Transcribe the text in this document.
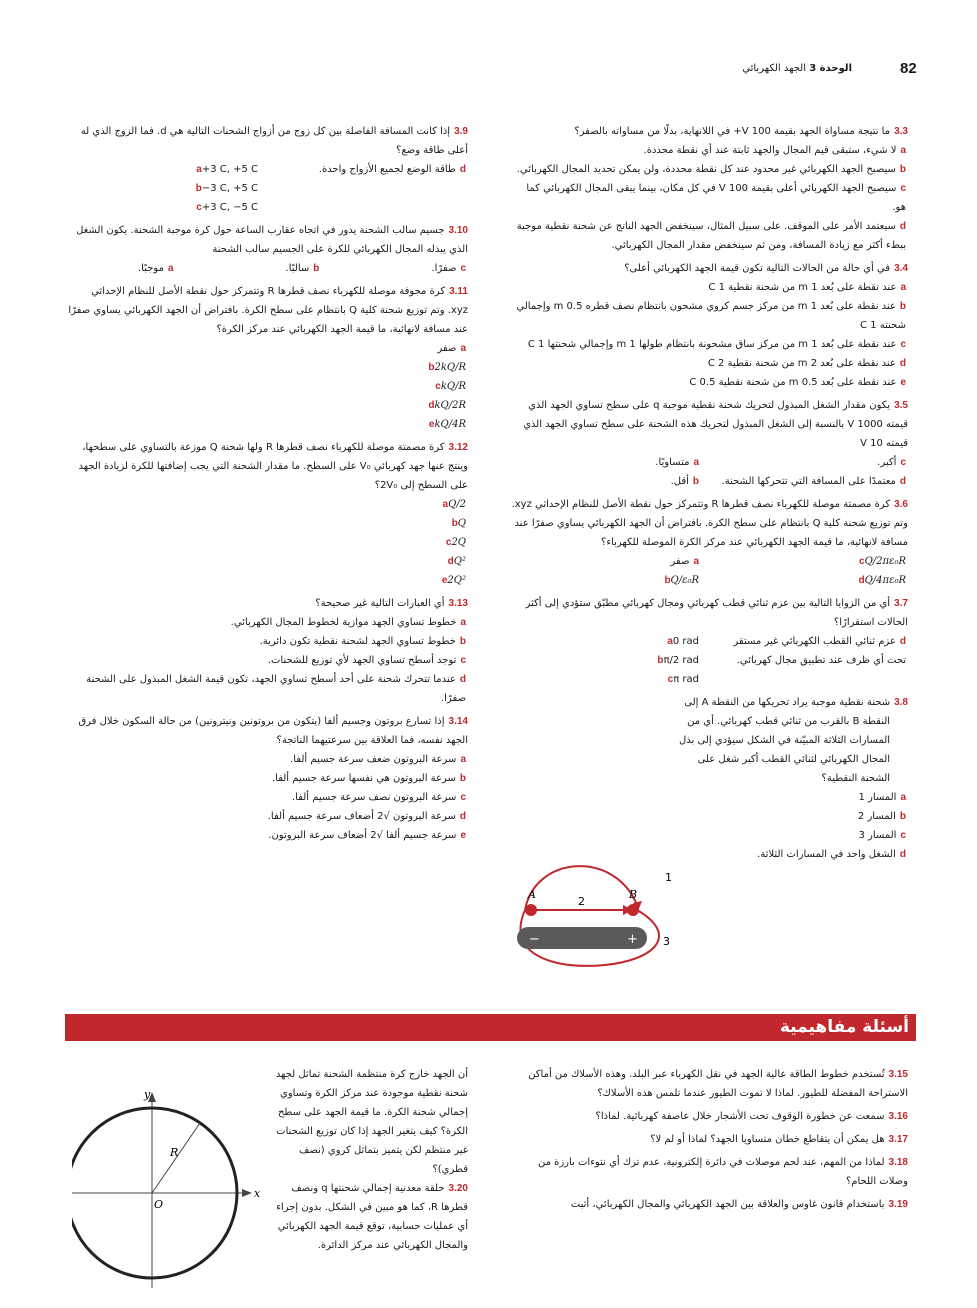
82
الوحدة 3 الجهد الكهربائي
3.3ما نتيجة مساواة الجهد بقيمة 100 V+ في اللانهاية، بدلًا من مساواته بالصفر؟
aلا شيء، ستبقى قيم المجال والجهد ثابتة عند أي نقطة محددة.
bسيصبح الجهد الكهربائي غير محدود عند كل نقطة محددة، ولن يمكن تحديد المجال الكهربائي.
cسيصبح الجهد الكهربائي أعلى بقيمة 100 V في كل مكان، بينما يبقى المجال الكهربائي كما هو.
dسيعتمد الأمر على الموقف. على سبيل المثال، سينخفض الجهد الناتج عن شحنة نقطية موجبة ببطء أكثر مع زيادة المسافة، ومن ثم سينخفض مقدار المجال الكهربائي.
3.4في أي حالة من الحالات التالية تكون قيمة الجهد الكهربائي أعلى؟
aعند نقطة على بُعد 1 m من شحنة نقطية 1 C
bعند نقطة على بُعد 1 m من مركز جسم كروي مشحون بانتظام نصف قطره 0.5 m وإجمالي شحنته 1 C
cعند نقطة على بُعد 1 m من مركز ساق مشحونة بانتظام طولها 1 m وإجمالي شحنتها 1 C
dعند نقطة على بُعد 2 m من شحنة نقطية 2 C
eعند نقطة على بُعد 0.5 m من شحنة نقطية 0.5 C
3.5يكون مقدار الشغل المبذول لتحريك شحنة نقطية موجبة q على سطح تساوي الجهد الذي قيمته 1000 V بالنسبة إلى الشغل المبذول لتحريك هذه الشحنة على سطح تساوي الجهد الذي قيمته 10 V
aمتساويًا.
bأقل.
cأكبر.
dمعتمدًا على المسافة التي تتحركها الشحنة.
3.6كرة مصمتة موصلة للكهرباء نصف قطرها R وتتمركز حول نقطة الأصل للنظام الإحداثي xyz. وتم توزيع شحنة كلية Q بانتظام على سطح الكرة. بافتراض أن الجهد الكهربائي يساوي صفرًا عند مسافة لانهائية، ما قيمة الجهد الكهربائي عند مركز الكرة الموصلة للكهرباء؟
aصفر
bQ/ε₀R
cQ/2πε₀R
dQ/4πε₀R
3.7أي من الزوايا التالية بين عزم ثنائي قطب كهربائي ومجال كهربائي مطبّق ستؤدي إلى أكثر الحالات استقرارًا؟
a0 rad
bπ/2 rad
cπ rad
dعزم ثنائي القطب الكهربائي غير مستقر تحت أي ظرف عند تطبيق مجال كهربائي.
3.8شحنة نقطية موجبة يراد تحريكها من النقطة A إلى النقطة B بالقرب من ثنائي قطب كهربائي. أي من المسارات الثلاثة المبيّنة في الشكل سيؤدي إلى بذل المجال الكهربائي لثنائي القطب أكبر شغل على الشحنة النقطية؟
aالمسار 1
bالمسار 2
cالمسار 3
dالشغل واحد في المسارات الثلاثة.
A	B
1
2
3
−	+
3.9إذا كانت المسافة الفاصلة بين كل زوج من أزواج الشحنات التالية هي d. فما الزوج الذي له أعلى طاقة وضع؟
a+3 C, +5 C
b−3 C, +5 C
c+3 C, −5 C
dطاقة الوضع لجميع الأزواج واحدة.
3.10جسيم سالب الشحنة يدور في اتجاه عقارب الساعة حول كرة موجبة الشحنة. يكون الشغل الذي يبذله المجال الكهربائي للكرة على الجسيم سالب الشحنة
aموجبًا.	bسالبًا.	cصفرًا.
3.11كرة مجوفة موصلة للكهرباء نصف قطرها R وتتمركز حول نقطة الأصل للنظام الإحداثي xyz. وتم توزيع شحنة كلية Q بانتظام على سطح الكرة. بافتراض أن الجهد الكهربائي يساوي صفرًا عند مسافة لانهائية، ما قيمة الجهد الكهربائي عند مركز الكرة؟
aصفر
b2kQ/R
ckQ/R
dkQ/2R
ekQ/4R
3.12كرة مصمتة موصلة للكهرباء نصف قطرها R ولها شحنة Q موزعة بالتساوي على سطحها، وينتج عنها جهد كهربائي V₀ على السطح. ما مقدار الشحنة التي يجب إضافتها للكرة لزيادة الجهد على السطح إلى 2V₀؟
aQ/2
bQ
c2Q
dQ²
e2Q²
3.13أي العبارات التالية غير صحيحة؟
aخطوط تساوي الجهد موازية لخطوط المجال الكهربائي.
bخطوط تساوي الجهد لشحنة نقطية تكون دائرية.
cتوجد أسطح تساوي الجهد لأي توزيع للشحنات.
dعندما تتحرك شحنة على أحد أسطح تساوي الجهد، تكون قيمة الشغل المبذول على الشحنة صفرًا.
3.14إذا تسارع بروتون وجسيم ألفا (يتكون من بروتونين ونيترونين) من حالة السكون خلال فرق الجهد نفسه، فما العلاقة بين سرعتيهما الناتجة؟
aسرعة البروتون ضعف سرعة جسيم ألفا.
bسرعة البروتون هي نفسها سرعة جسيم ألفا.
cسرعة البروتون نصف سرعة جسيم ألفا.
dسرعة البروتون √2 أضعاف سرعة جسيم ألفا.
eسرعة جسيم ألفا √2 أضعاف سرعة البروتون.
أسئلة مفاهيمية
3.15تُستخدم خطوط الطاقة عالية الجهد في نقل الكهرباء عبر البلد. وهذه الأسلاك من أماكن الاستراحة المفضلة للطيور. لماذا لا تموت الطيور عندما تلمس هذه الأسلاك؟
3.16سمعت عن خطورة الوقوف تحت الأشجار خلال عاصفة كهربائية. لماذا؟
3.17هل يمكن أن يتقاطع خطان متساويا الجهد؟ لماذا أو لم لا؟
3.18لماذا من المهم، عند لحم موصلات في دائرة إلكترونية، عدم ترك أي نتوءات بارزة من وصلات اللحام؟
3.19باستخدام قانون غاوس والعلاقة بين الجهد الكهربائي والمجال الكهربائي، أثبت
أن الجهد خارج كرة منتظمة الشحنة تماثل لجهد شحنة نقطية موجودة عند مركز الكرة وتساوي إجمالي شحنة الكرة. ما قيمة الجهد على سطح الكرة؟ كيف يتغير الجهد إذا كان توزيع الشحنات غير منتظم لكن يتميز بتماثل كروي (نصف قطري)؟
3.20حلقة معدنية إجمالي شحنتها q ونصف قطرها R، كما هو مبين في الشكل. بدون إجراء أي عمليات حسابية، توقع قيمة الجهد الكهربائي والمجال الكهربائي عند مركز الدائرة.
y
x
R
O
